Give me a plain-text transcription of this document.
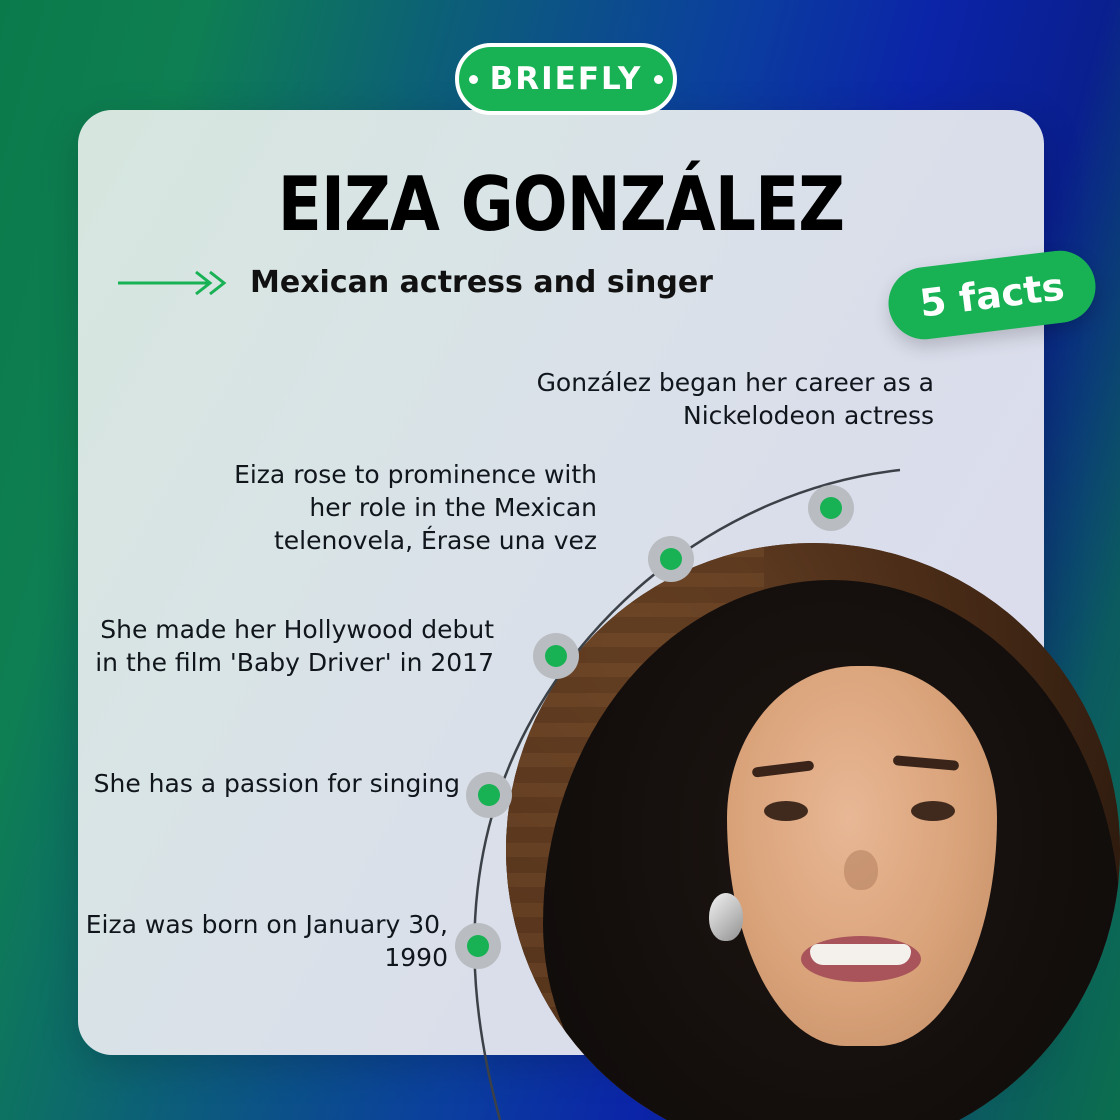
EIZA GONZÁLEZ
Mexican actress and singer
BRIEFLY
5 facts
González began her career as a Nickelodeon actress
Eiza rose to prominence with her role in the Mexican telenovela, Érase una vez
She made her Hollywood debut in the film 'Baby Driver' in 2017
She has a passion for singing
Eiza was born on January 30, 1990
